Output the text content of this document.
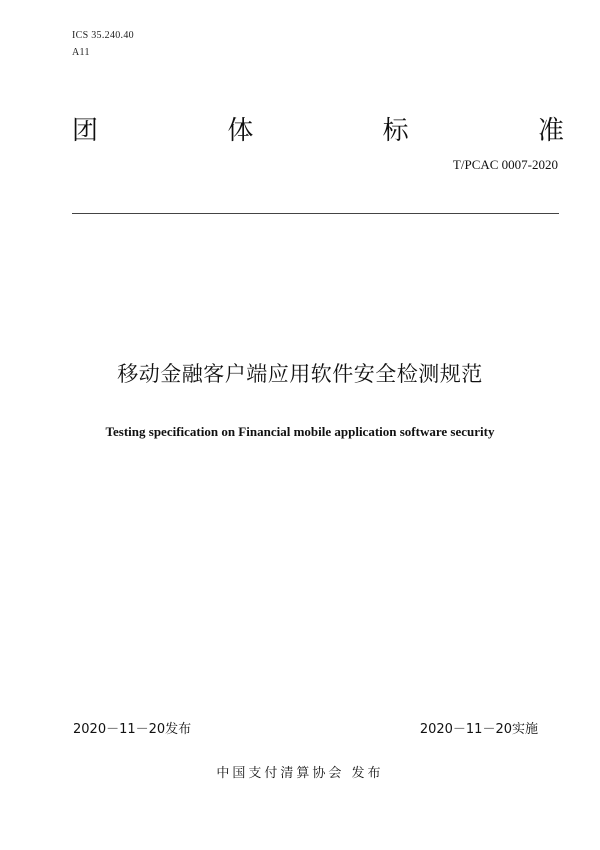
ICS 35.240.40
A11
团	体	标	准
T/PCAC 0007-2020
移动金融客户端应用软件安全检测规范
Testing specification on Financial mobile application software security
2020－11－20发布	2020－11－20实施
中国支付清算协会 发布
